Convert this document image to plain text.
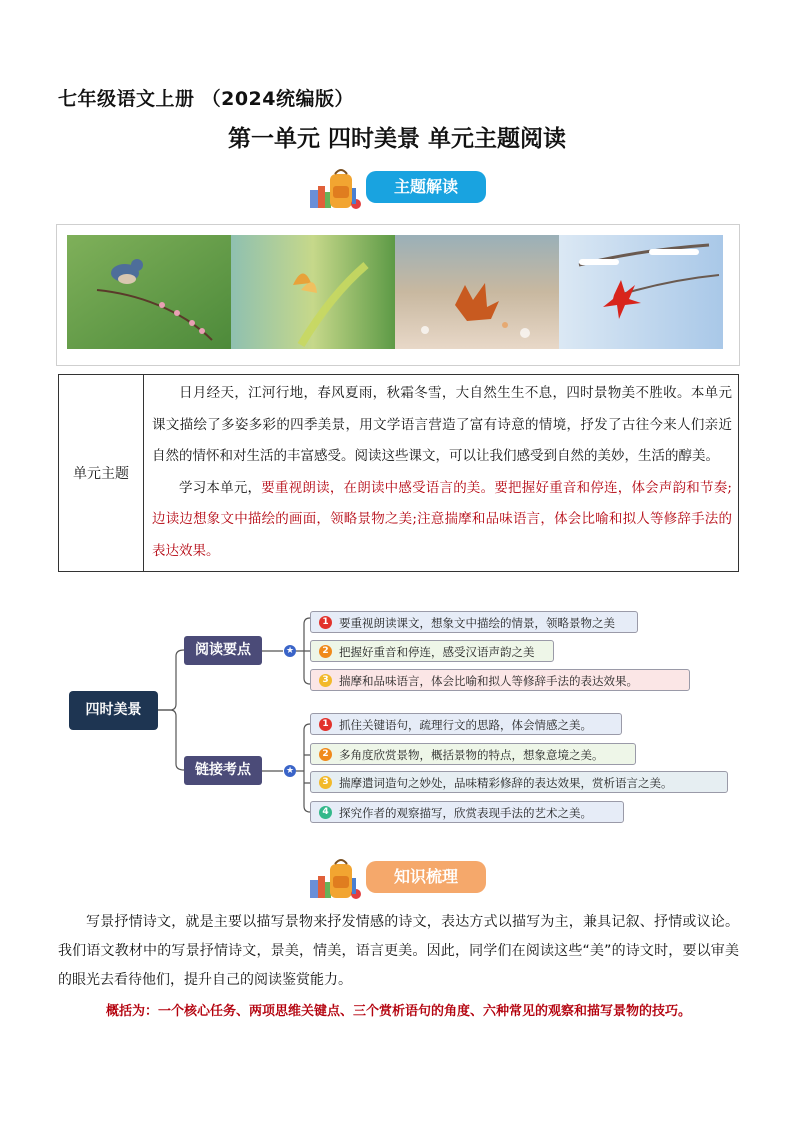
七年级语文上册 （2024统编版）
第一单元 四时美景 单元主题阅读
主题解读
单元主题	

日月经天，江河行地，春风夏雨，秋霜冬雪，大自然生生不息，四时景物美不胜收。本单元课文描绘了多姿多彩的四季美景，用文学语言营造了富有诗意的情境，抒发了古往今来人们亲近自然的情怀和对生活的丰富感受。阅读这些课文，可以让我们感受到自然的美妙，生活的醇美。

学习本单元，要重视朗读，在朗读中感受语言的美。要把握好重音和停连，体会声韵和节奏;边读边想象文中描绘的画面，领略景物之美;注意揣摩和品味语言，体会比喻和拟人等修辞手法的表达效果。

四时美景
阅读要点
链接考点
★
★
1 要重视朗读课文，想象文中描绘的情景，领略景物之美
2 把握好重音和停连，感受汉语声韵之美
3 揣摩和品味语言，体会比喻和拟人等修辞手法的表达效果。
1 抓住关键语句，疏理行文的思路，体会情感之美。
2 多角度欣赏景物，概括景物的特点，想象意境之美。
3 揣摩遣词造句之妙处，品味精彩修辞的表达效果，赏析语言之美。
4 探究作者的观察描写，欣赏表现手法的艺术之美。
知识梳理

写景抒情诗文，就是主要以描写景物来抒发情感的诗文，表达方式以描写为主，兼具记叙、抒情或议论。我们语文教材中的写景抒情诗文，景美，情美，语言更美。因此，同学们在阅读这些“美”的诗文时，要以审美的眼光去看待他们，提升自己的阅读鉴赏能力。

概括为：一个核心任务、两项思维关键点、三个赏析语句的角度、六种常见的观察和描写景物的技巧。
